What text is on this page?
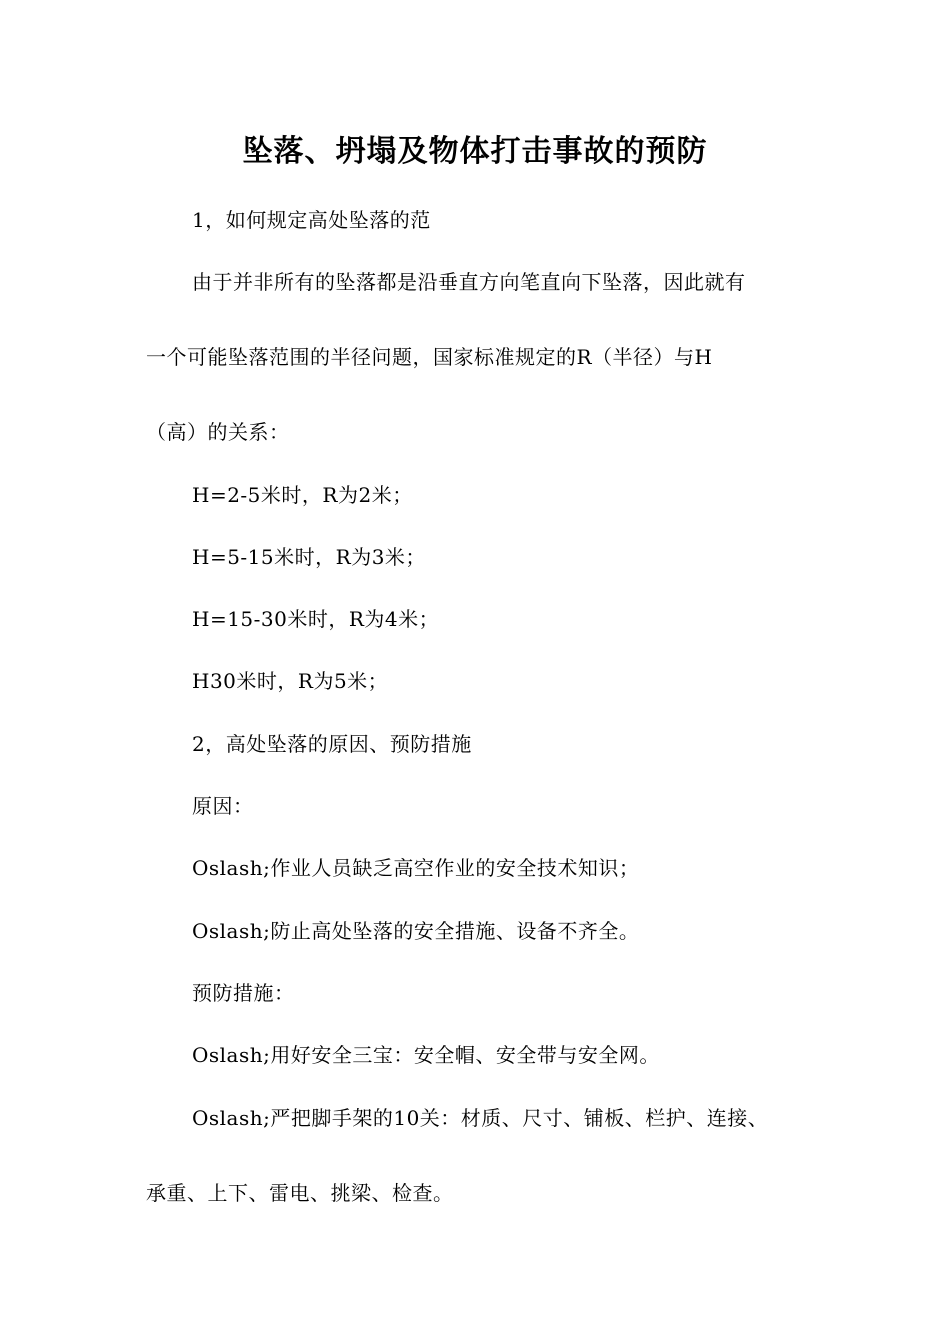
坠落、坍塌及物体打击事故的预防
1，如何规定高处坠落的范
由于并非所有的坠落都是沿垂直方向笔直向下坠落，因此就有
一个可能坠落范围的半径问题，国家标准规定的R（半径）与H
（高）的关系：
H=2-5米时，R为2米；
H=5-15米时，R为3米；
H=15-30米时，R为4米；
H30米时，R为5米；
2，高处坠落的原因、预防措施
原因：
Oslash;作业人员缺乏高空作业的安全技术知识；
Oslash;防止高处坠落的安全措施、设备不齐全。
预防措施：
Oslash;用好安全三宝：安全帽、安全带与安全网。
Oslash;严把脚手架的10关：材质、尺寸、铺板、栏护、连接、
承重、上下、雷电、挑梁、检查。
